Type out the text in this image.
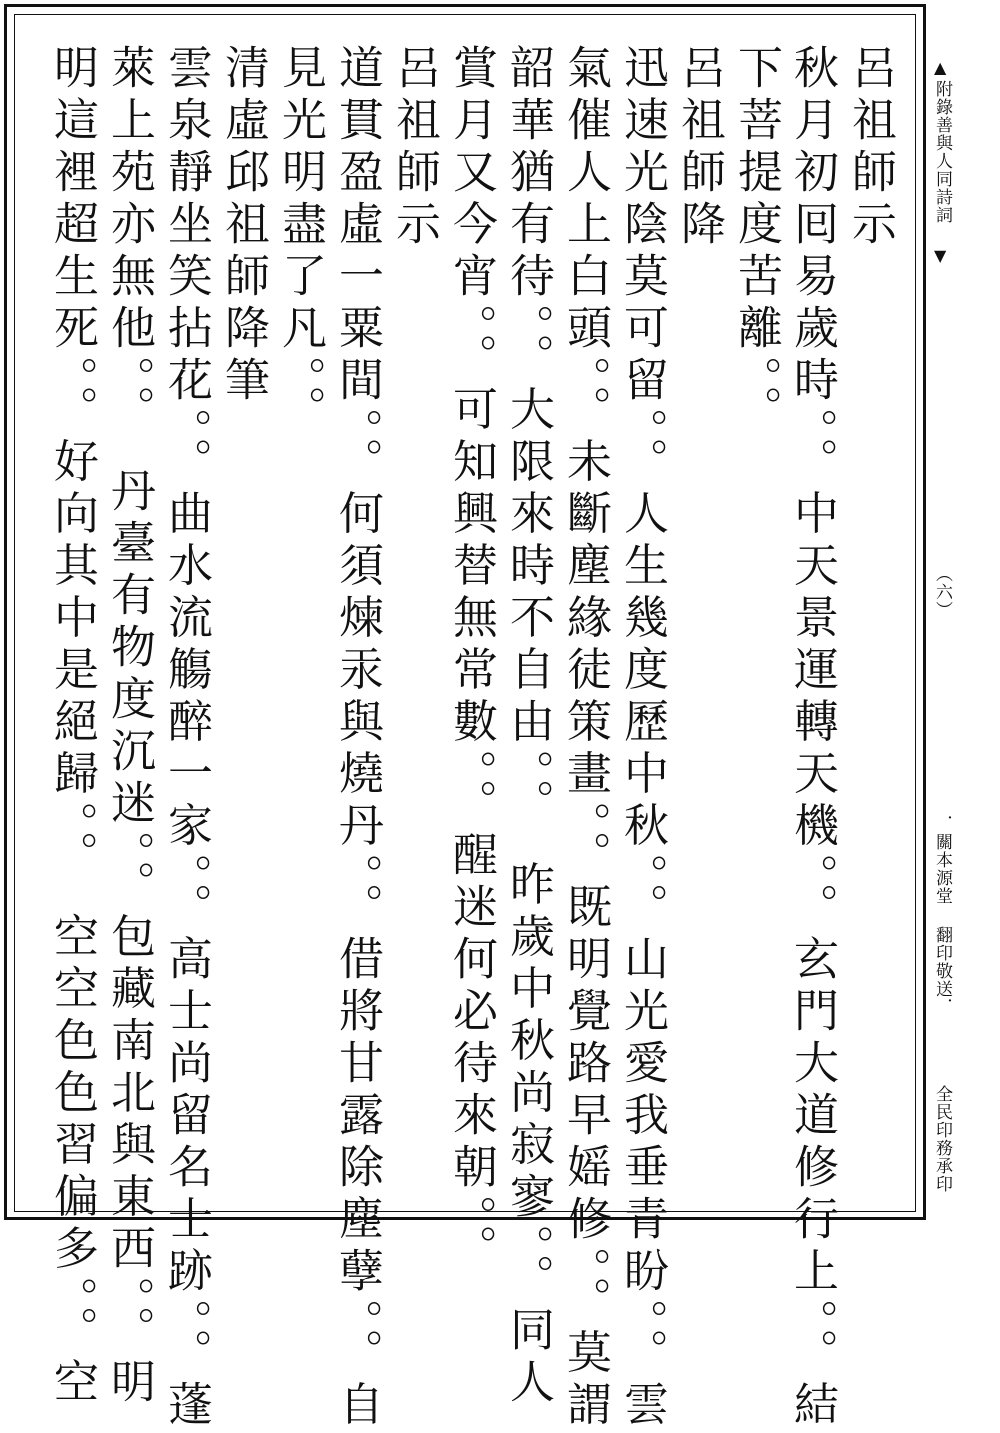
呂祖師示
秋月初囘易歲時。。中天景運轉天機。。玄門大道修行上。。結
下菩提度苦離。。
呂祖師降
迅速光陰莫可留。。人生幾度歷中秋。。山光愛我垂青盼。。雲
氣催人上白頭。。未斷塵緣徒策畫。。既明覺路早媱修。。莫謂
韶華猶有待。。大限來時不自由。。　昨歲中秋尚寂寥。。同人
賞月又今宵。。可知興替無常數。。醒迷何必待來朝。。
呂祖師示
道貫盈虛一粟間。。何須煉汞與燒丹。。借將甘露除塵孽。。自
見光明盡了凡。。
清虛邱祖師降筆
雲泉靜坐笑拈花。。曲水流觴醉一家。。高士尚留名士跡。。蓬
萊上苑亦無他。。　丹臺有物度沉迷。。包藏南北與東西。。明
明這裡超生死。。好向其中是絕歸。。　空空色色習偏多。。空	▲
附錄善與人同詩詞
▼
（六）
．關本源堂 翻印敬送．
全民印務承印
